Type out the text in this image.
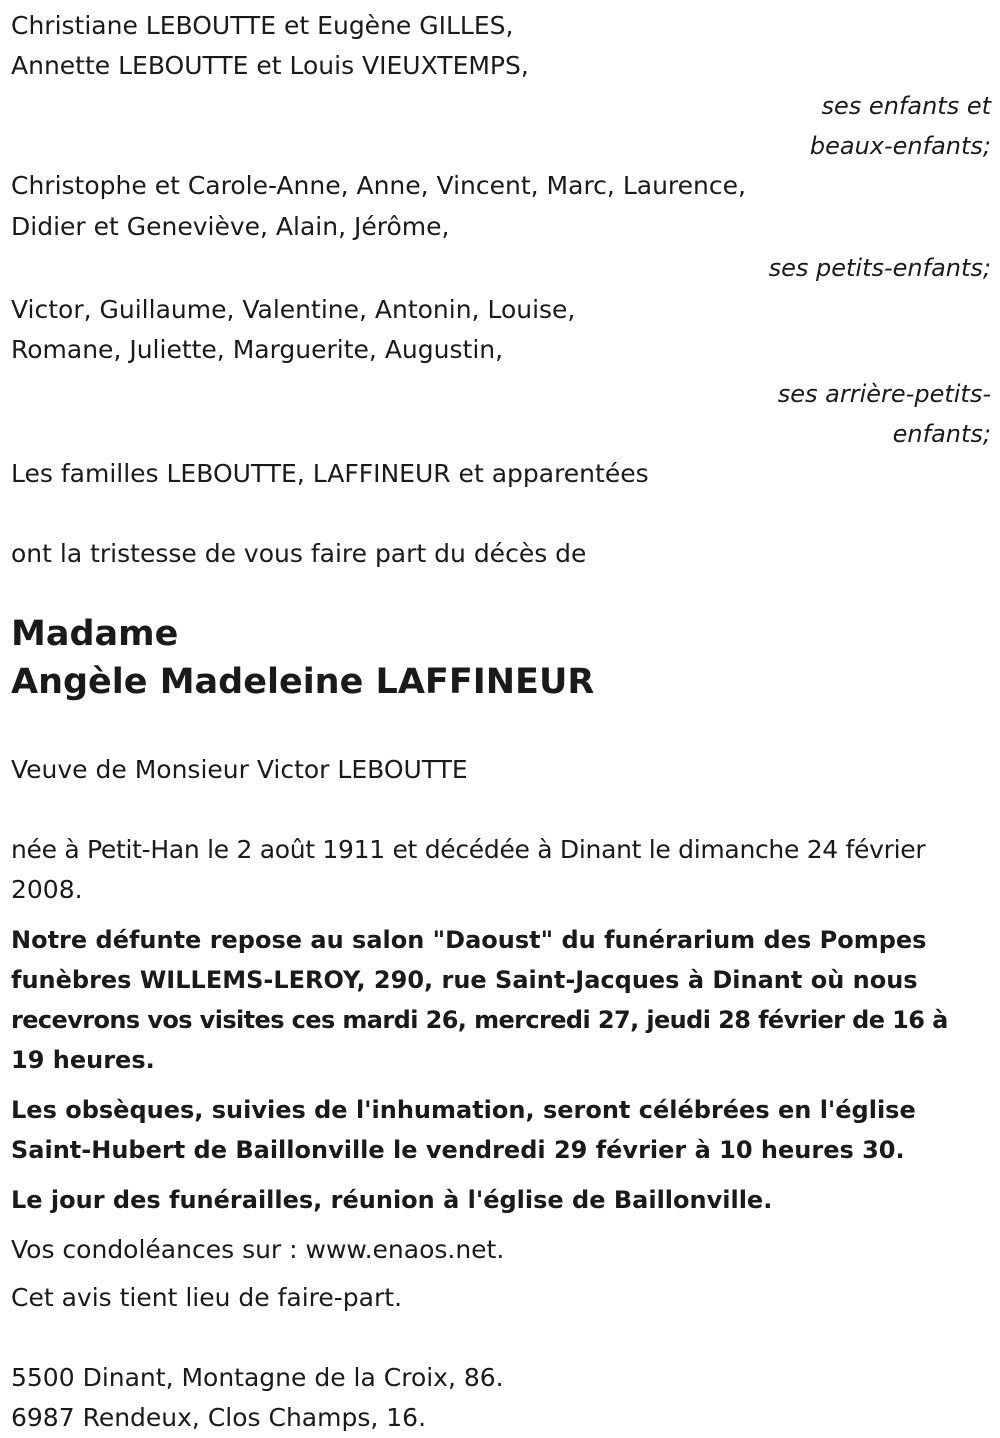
Christiane LEBOUTTE et Eugène GILLES,

Annette LEBOUTTE et Louis VIEUXTEMPS,

ses enfants et

beaux-enfants;

Christophe et Carole-Anne, Anne, Vincent, Marc, Laurence,

Didier et Geneviève, Alain, Jérôme,

ses petits-enfants;

Victor, Guillaume, Valentine, Antonin, Louise,

Romane, Juliette, Marguerite, Augustin,

ses arrière-petits-

enfants;

Les familles LEBOUTTE, LAFFINEUR et apparentées

ont la tristesse de vous faire part du décès de

Madame

Angèle Madeleine LAFFINEUR

Veuve de Monsieur Victor LEBOUTTE

née à Petit-Han le 2 août 1911 et décédée à Dinant le dimanche 24 février

2008.

Notre défunte repose au salon "Daoust" du funérarium des Pompes

funèbres WILLEMS-LEROY, 290, rue Saint-Jacques à Dinant où nous

recevrons vos visites ces mardi 26, mercredi 27, jeudi 28 février de 16 à

19 heures.

Les obsèques, suivies de l'inhumation, seront célébrées en l'église

Saint-Hubert de Baillonville le vendredi 29 février à 10 heures 30.

Le jour des funérailles, réunion à l'église de Baillonville.

Vos condoléances sur : www.enaos.net.

Cet avis tient lieu de faire-part.

5500 Dinant, Montagne de la Croix, 86.

6987 Rendeux, Clos Champs, 16.
